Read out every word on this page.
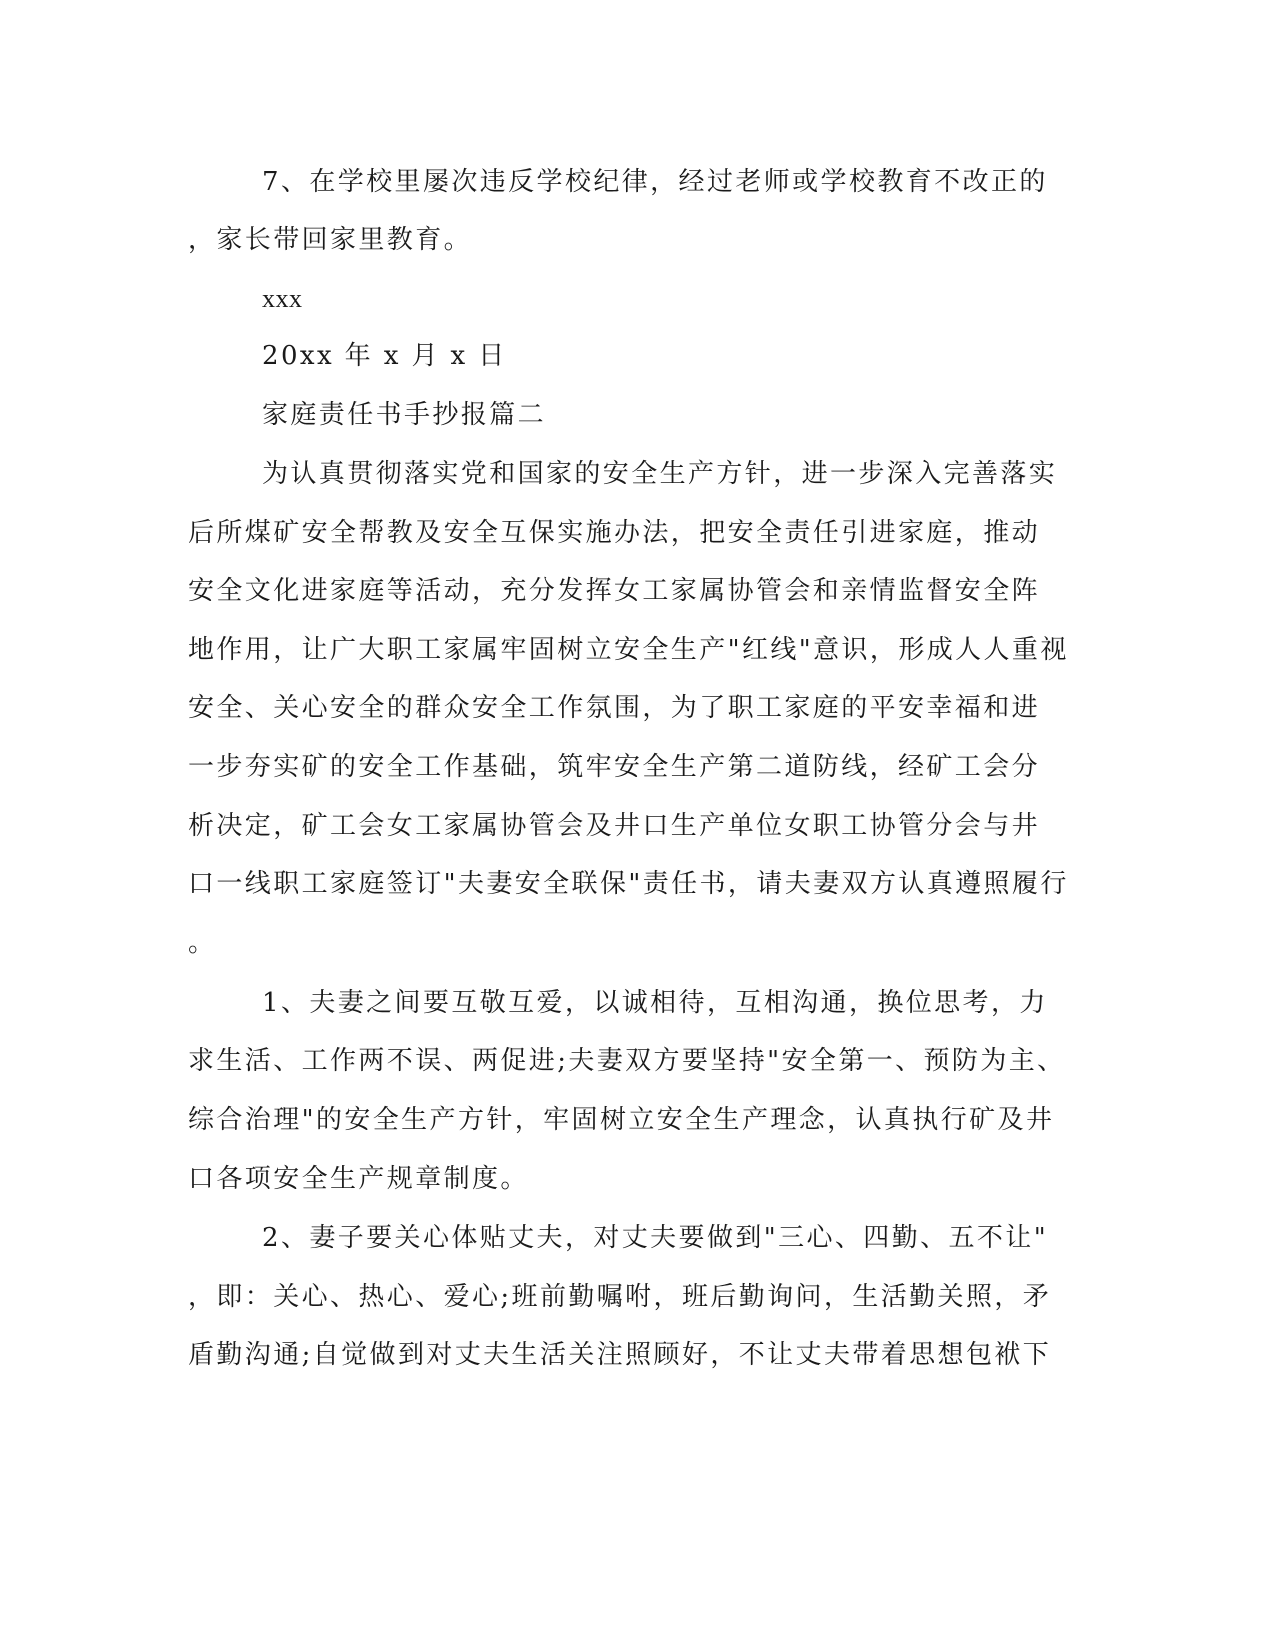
7、在学校里屡次违反学校纪律，经过老师或学校教育不改正的

，家长带回家里教育。

xxx

20xx 年 x 月 x 日

家庭责任书手抄报篇二

为认真贯彻落实党和国家的安全生产方针，进一步深入完善落实

后所煤矿安全帮教及安全互保实施办法，把安全责任引进家庭，推动

安全文化进家庭等活动，充分发挥女工家属协管会和亲情监督安全阵

地作用，让广大职工家属牢固树立安全生产"红线"意识，形成人人重视

安全、关心安全的群众安全工作氛围，为了职工家庭的平安幸福和进

一步夯实矿的安全工作基础，筑牢安全生产第二道防线，经矿工会分

析决定，矿工会女工家属协管会及井口生产单位女职工协管分会与井

口一线职工家庭签订"夫妻安全联保"责任书，请夫妻双方认真遵照履行

。

1、夫妻之间要互敬互爱，以诚相待，互相沟通，换位思考，力

求生活、工作两不误、两促进;夫妻双方要坚持"安全第一、预防为主、

综合治理"的安全生产方针，牢固树立安全生产理念，认真执行矿及井

口各项安全生产规章制度。

2、妻子要关心体贴丈夫，对丈夫要做到"三心、四勤、五不让"

，即：关心、热心、爱心;班前勤嘱咐，班后勤询问，生活勤关照，矛

盾勤沟通;自觉做到对丈夫生活关注照顾好，不让丈夫带着思想包袱下
